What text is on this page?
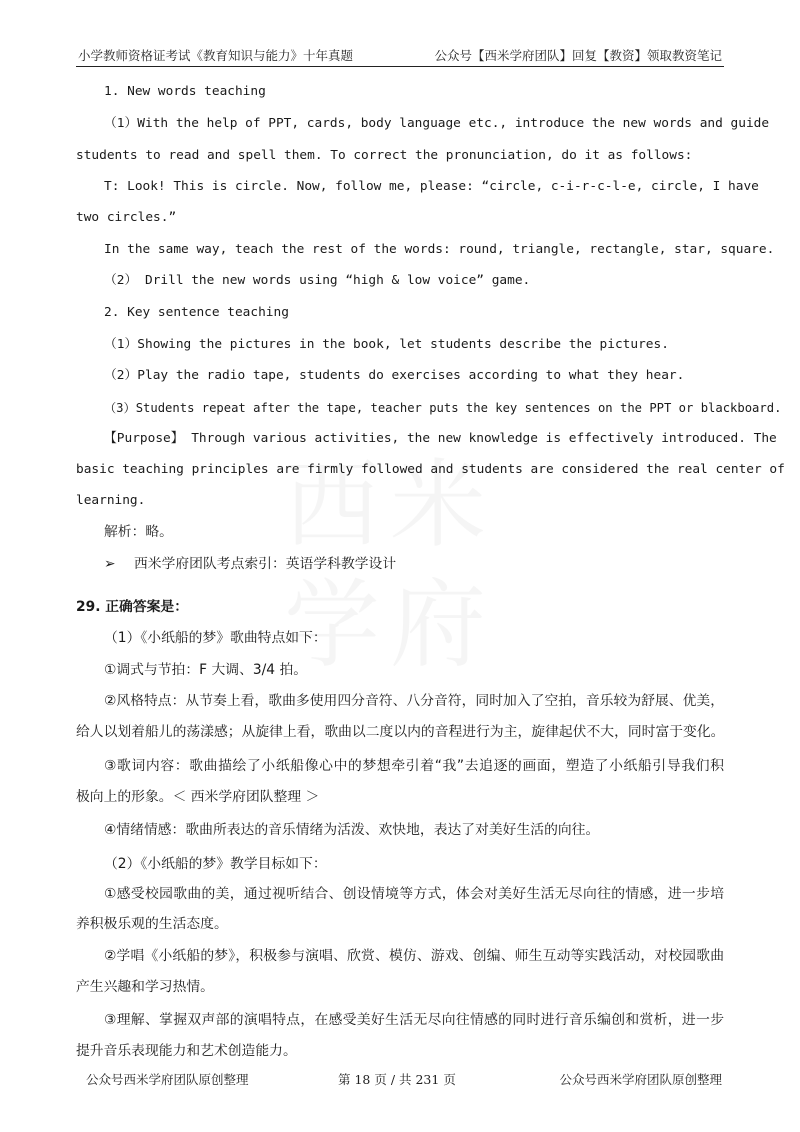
小学教师资格证考试《教育知识与能力》十年真题	公众号【西米学府团队】回复【教资】领取教资笔记
1. New words teaching
（1）With the help of PPT, cards, body language etc., introduce the new words and guide
students to read and spell them. To correct the pronunciation, do it as follows:
T: Look! This is circle. Now, follow me, please: “circle, c-i-r-c-l-e, circle, I have
two circles.”
In the same way, teach the rest of the words: round, triangle, rectangle, star, square.
（2） Drill the new words using “high & low voice” game.
2. Key sentence teaching
（1）Showing the pictures in the book, let students describe the pictures.
（2）Play the radio tape, students do exercises according to what they hear.
（3）Students repeat after the tape, teacher puts the key sentences on the PPT or blackboard.
【Purpose】 Through various activities, the new knowledge is effectively introduced. The
basic teaching principles are firmly followed and students are considered the real center of
learning.
解析：略。
➢ 西米学府团队考点索引：英语学科教学设计
29. 正确答案是：
（1）《小纸船的梦》歌曲特点如下：
①调式与节拍：F 大调、3/4 拍。
②风格特点：从节奏上看，歌曲多使用四分音符、八分音符，同时加入了空拍，音乐较为舒展、优美，
给人以划着船儿的荡漾感；从旋律上看，歌曲以二度以内的音程进行为主，旋律起伏不大，同时富于变化。
③歌词内容：歌曲描绘了小纸船像心中的梦想牵引着“我”去追逐的画面，塑造了小纸船引导我们积
极向上的形象。＜ 西米学府团队整理 ＞
④情绪情感：歌曲所表达的音乐情绪为活泼、欢快地，表达了对美好生活的向往。
（2）《小纸船的梦》教学目标如下：
①感受校园歌曲的美，通过视听结合、创设情境等方式，体会对美好生活无尽向往的情感，进一步培
养积极乐观的生活态度。
②学唱《小纸船的梦》，积极参与演唱、欣赏、模仿、游戏、创编、师生互动等实践活动，对校园歌曲
产生兴趣和学习热情。
③理解、掌握双声部的演唱特点，在感受美好生活无尽向往情感的同时进行音乐编创和赏析，进一步
提升音乐表现能力和艺术创造能力。
公众号西米学府团队原创整理	第 18 页 / 共 231 页	公众号西米学府团队原创整理
